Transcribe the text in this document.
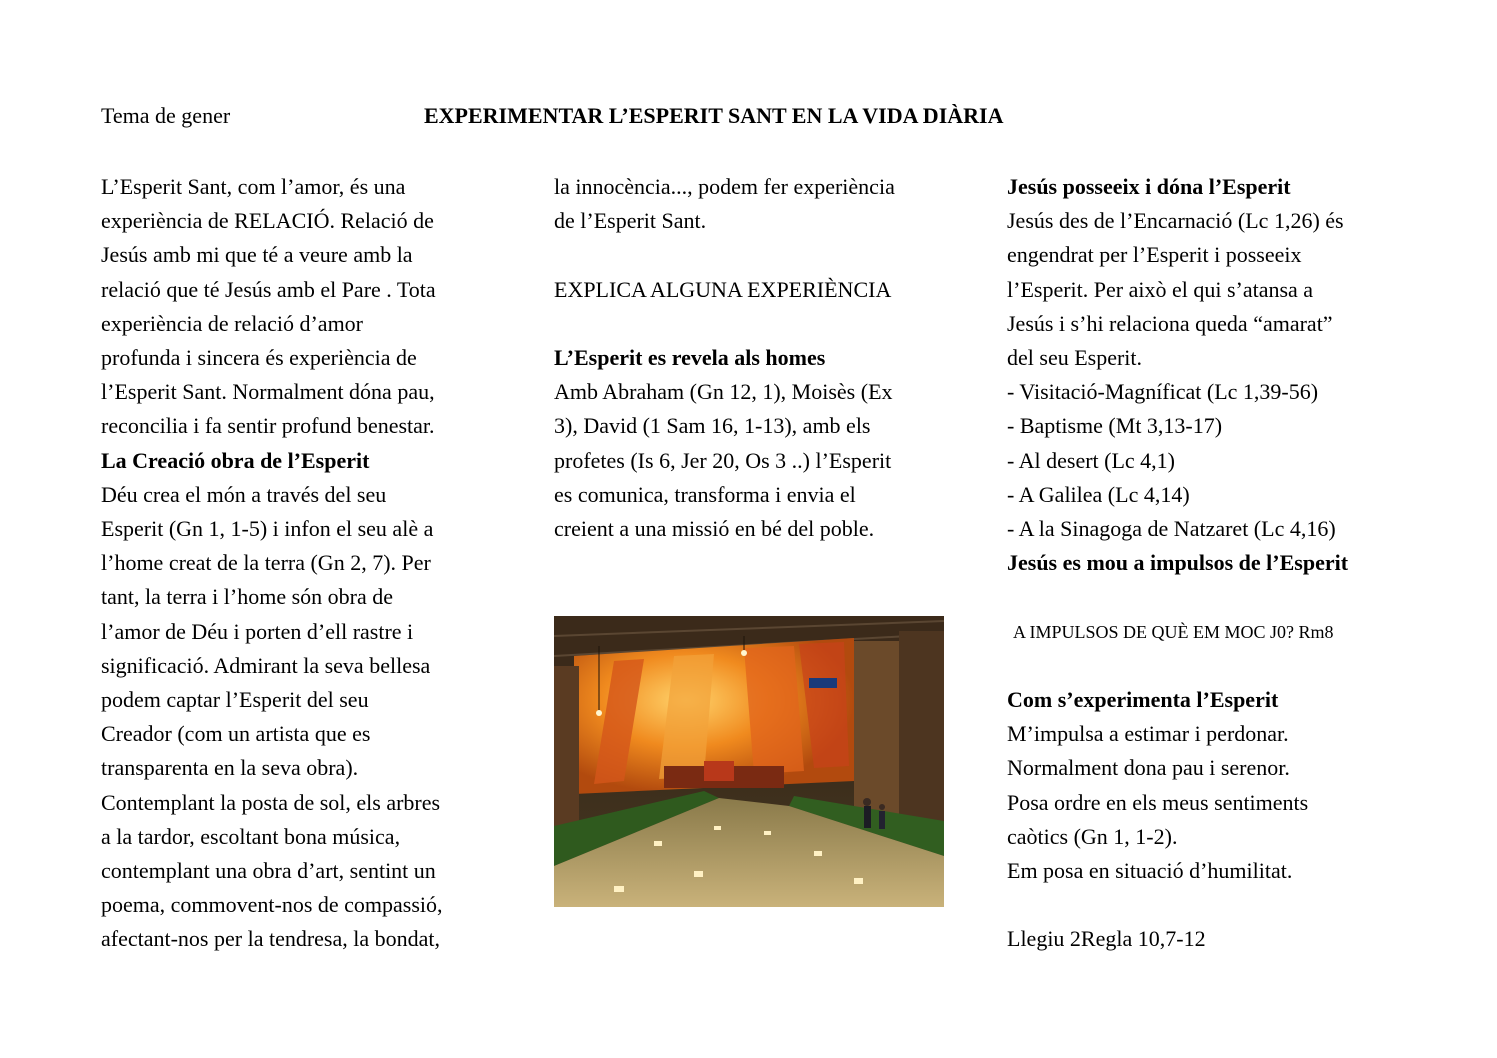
Tema de gener	EXPERIMENTAR L’ESPERIT SANT EN LA VIDA DIÀRIA
L’Esperit Sant, com l’amor, és una
experiència de RELACIÓ. Relació de
Jesús amb mi que té a veure amb la
relació que té Jesús amb el Pare . Tota
experiència de relació d’amor
profunda i sincera és experiència de
l’Esperit Sant. Normalment dóna pau,
reconcilia i fa sentir profund benestar.
La Creació obra de l’Esperit
Déu crea el món a través del seu
Esperit (Gn 1, 1-5) i infon el seu alè a
l’home creat de la terra (Gn 2, 7). Per
tant, la terra i l’home són obra de
l’amor de Déu i porten d’ell rastre i
significació. Admirant la seva bellesa
podem captar l’Esperit del seu
Creador (com un artista que es
transparenta en la seva obra).
Contemplant la posta de sol, els arbres
a la tardor, escoltant bona música,
contemplant una obra d’art, sentint un
poema, commovent-nos de compassió,
afectant-nos per la tendresa, la bondat,
la innocència..., podem fer experiència
de l’Esperit Sant.
EXPLICA ALGUNA EXPERIÈNCIA
L’Esperit es revela als homes
Amb Abraham (Gn 12, 1), Moisès (Ex
3), David (1 Sam 16, 1-13), amb els
profetes (Is 6, Jer 20, Os 3 ..) l’Esperit
es comunica, transforma i envia el
creient a una missió en bé del poble.
Jesús posseeix i dóna l’Esperit
Jesús des de l’Encarnació (Lc 1,26) és
engendrat per l’Esperit i posseeix
l’Esperit. Per això el qui s’atansa a
Jesús i s’hi relaciona queda “amarat”
del seu Esperit.
- Visitació-Magníficat (Lc 1,39-56)
- Baptisme (Mt 3,13-17)
- Al desert (Lc 4,1)
- A Galilea (Lc 4,14)
- A la Sinagoga de Natzaret (Lc 4,16)
Jesús es mou a impulsos de l’Esperit
A IMPULSOS DE QUÈ EM MOC J0? Rm8
Com s’experimenta l’Esperit
M’impulsa a estimar i perdonar.
Normalment dona pau i serenor.
Posa ordre en els meus sentiments
caòtics (Gn 1, 1-2).
Em posa en situació d’humilitat.
Llegiu 2Regla 10,7-12
